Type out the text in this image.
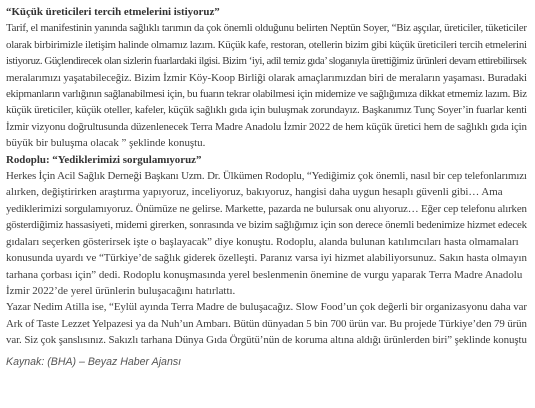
“Küçük üreticileri tercih etmelerini istiyoruz”

Tarif, el manifestinin yanında sağlıklı tarımın da çok önemli olduğunu belirten Neptün Soyer, “Biz aşçılar, üreticiler, tüketiciler
olarak birbirimizle iletişim halinde olmamız lazım. Küçük kafe, restoran, otellerin bizim gibi küçük üreticileri tercih etmelerini
istiyoruz. Güçlendirecek olan sizlerin fuarlardaki ilgisi. Bizim ‘iyi, adil temiz gıda’ sloganıyla ürettiğimiz ürünleri devam ettirebilirsek
meralarımızı yaşatabileceğiz. Bizim İzmir Köy-Koop Birliği olarak amaçlarımızdan biri de meraların yaşaması. Buradaki
ekipmanların varlığının sağlanabilmesi için, bu fuarın tekrar olabilmesi için midemize ve sağlığımıza dikkat etmemiz lazım. Biz
küçük üreticiler, küçük oteller, kafeler, küçük sağlıklı gıda için buluşmak zorundayız. Başkanımız Tunç Soyer’in fuarlar kenti
İzmir vizyonu doğrultusunda düzenlenecek Terra Madre Anadolu İzmir 2022 de hem küçük üretici hem de sağlıklı gıda için
büyük bir buluşma olacak ” şeklinde konuştu.

Rodoplu: “Yediklerimizi sorgulamıyoruz”

Herkes İçin Acil Sağlık Derneği Başkanı Uzm. Dr. Ülkümen Rodoplu, “Yediğimiz çok önemli, nasıl bir cep telefonlarımızı
alırken, değiştirirken araştırma yapıyoruz, inceliyoruz, bakıyoruz, hangisi daha uygun hesaplı güvenli gibi… Ama
yediklerimizi sorgulamıyoruz. Önümüze ne gelirse. Markette, pazarda ne bulursak onu alıyoruz… Eğer cep telefonu alırken
gösterdiğimiz hassasiyeti, midemi girerken, sonrasında ve bizim sağlığımız için son derece önemli bedenimize hizmet edecek
gıdaları seçerken gösterirsek işte o başlayacak” diye konuştu. Rodoplu, alanda bulunan katılımcıları hasta olmamaları
konusunda uyardı ve “Türkiye’de sağlık giderek özelleşti. Paranız varsa iyi hizmet alabiliyorsunuz. Sakın hasta olmayın
tarhana çorbası için” dedi. Rodoplu konuşmasında yerel beslenmenin önemine de vurgu yaparak Terra Madre Anadolu
İzmir 2022’de yerel ürünlerin buluşacağını hatırlattı.

Yazar Nedim Atilla ise, “Eylül ayında Terra Madre de buluşacağız. Slow Food’un çok değerli bir organizasyonu daha var
Ark of Taste Lezzet Yelpazesi ya da Nuh’un Ambarı. Bütün dünyadan 5 bin 700 ürün var. Bu projede Türkiye’den 79 ürün
var. Siz çok şanslısınız. Sakızlı tarhana Dünya Gıda Örgütü’nün de koruma altına aldığı ürünlerden biri” şeklinde konuştu

Kaynak: (BHA) – Beyaz Haber Ajansı
